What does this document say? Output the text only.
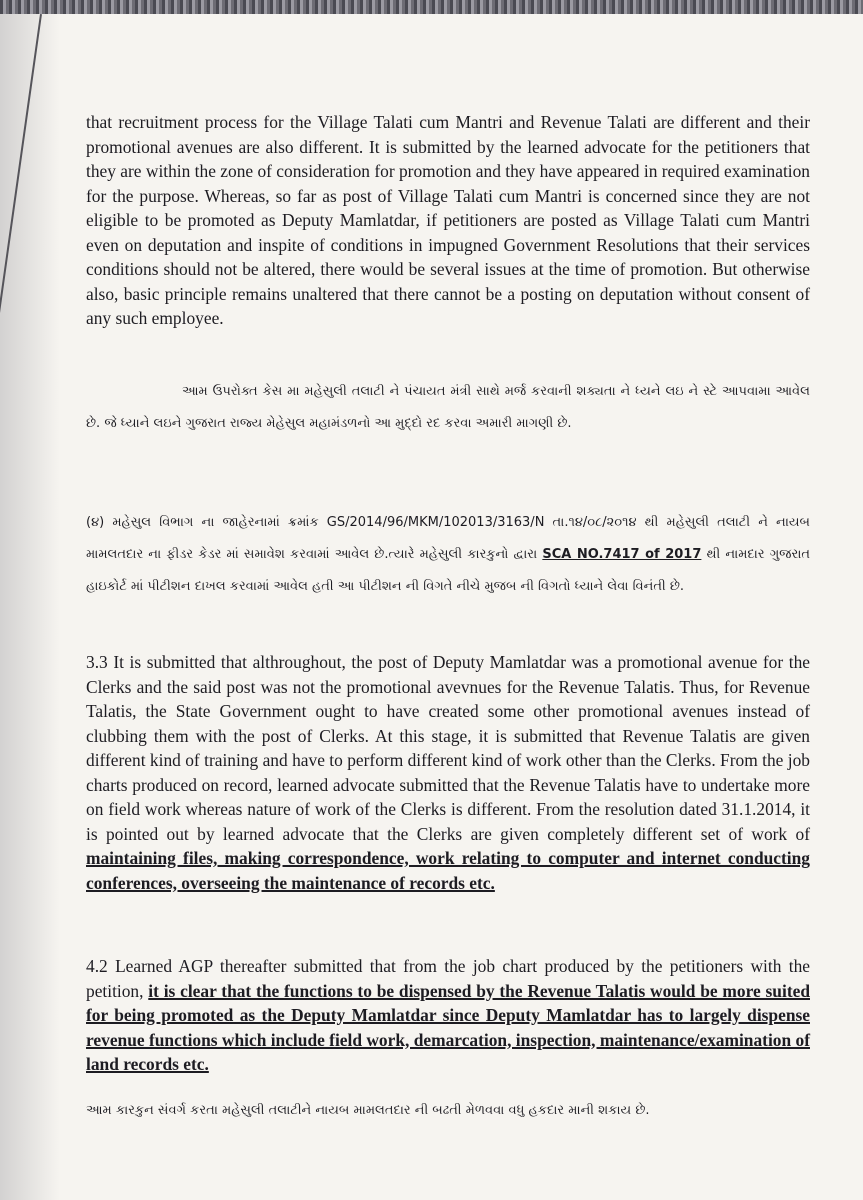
that recruitment process for the Village Talati cum Mantri and Revenue Talati are different and their promotional avenues are also different. It is submitted by the learned advocate for the petitioners that they are within the zone of consideration for promotion and they have appeared in required examination for the purpose. Whereas, so far as post of Village Talati cum Mantri is concerned since they are not eligible to be promoted as Deputy Mamlatdar, if petitioners are posted as Village Talati cum Mantri even on deputation and inspite of conditions in impugned Government Resolutions that their services conditions should not be altered, there would be several issues at the time of promotion. But otherwise also, basic principle remains unaltered that there cannot be a posting on deputation without consent of any such employee.

આમ ઉપરોક્ત કેસ મા મહેસુલી તલાટી ને પંચાયત મંત્રી સાથે મર્જ કરવાની શક્યતા ને ધ્યને લઇ ને સ્ટે આપવામા આવેલ છે. જે ધ્યાને લઇને ગુજરાત રાજ્ય મેહેસુલ મહામંડળનો આ મુદ્દો રદ કરવા અમારી માગણી છે.

(૪) મહેસુલ વિભાગ ના જાહેરનામાં ક્રમાંક GS/2014/96/MKM/102013/3163/N તા.૧૪/૦૮/૨૦૧૪ થી મહેસુલી તલાટી ને નાયબ મામલતદાર ના ફીડર કેડર માં સમાવેશ કરવામાં આવેલ છે.ત્યારે મહેસુલી કારકુનો દ્વારા SCA NO.7417 of 2017 થી નામદાર ગુજરાત હાઇકોર્ટ માં પીટીશન દાખલ કરવામાં આવેલ હતી આ પીટીશન ની વિગતે નીચે મુજબ ની વિગતો ધ્યાને લેવા વિનંતી છે.

3.3 It is submitted that althroughout, the post of Deputy Mamlatdar was a promotional avenue for the Clerks and the said post was not the promotional avevnues for the Revenue Talatis. Thus, for Revenue Talatis, the State Government ought to have created some other promotional avenues instead of clubbing them with the post of Clerks. At this stage, it is submitted that Revenue Talatis are given different kind of training and have to perform different kind of work other than the Clerks. From the job charts produced on record, learned advocate submitted that the Revenue Talatis have to undertake more on field work whereas nature of work of the Clerks is different. From the resolution dated 31.1.2014, it is pointed out by learned advocate that the Clerks are given completely different set of work of maintaining files, making correspondence, work relating to computer and internet conducting conferences, overseeing the maintenance of records etc.

4.2 Learned AGP thereafter submitted that from the job chart produced by the petitioners with the petition, it is clear that the functions to be dispensed by the Revenue Talatis would be more suited for being promoted as the Deputy Mamlatdar since Deputy Mamlatdar has to largely dispense revenue functions which include field work, demarcation, inspection, maintenance/examination of land records etc.

આમ કારકુન સંવર્ગ કરતા મહેસુલી તલાટીને નાયબ મામલતદાર ની બઢતી મેળવવા વધુ હકદાર માની શકાય છે.
